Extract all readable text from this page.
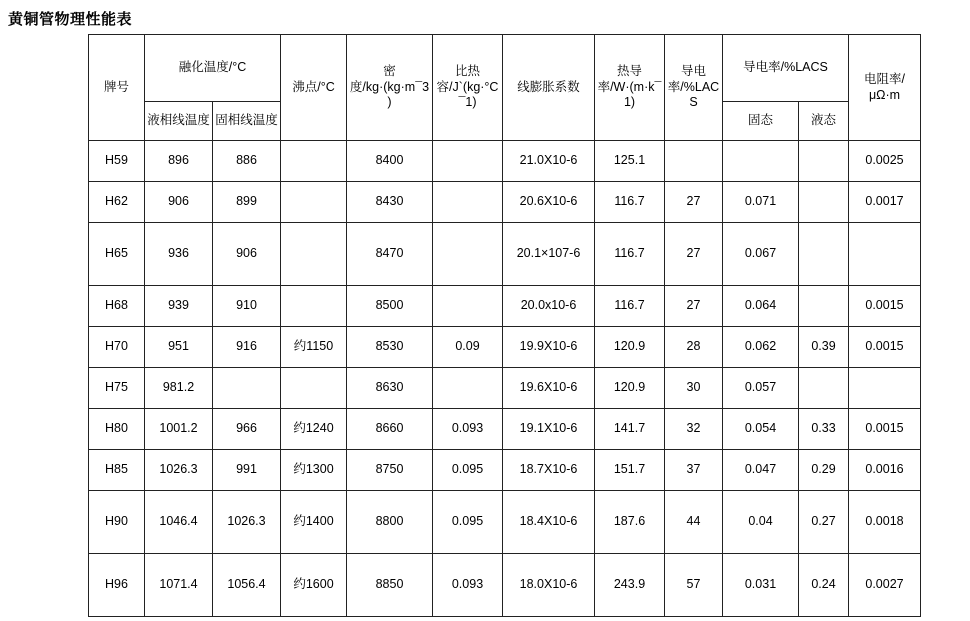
黄铜管物理性能表
牌号	融化温度/°C		沸点/°C	密度/kg·(kg·m¯3)	比热容/J`(kg·°C¯1)	线膨胀系数	热导率/W·(m·k¯1)	导电率/%LACS	导电率/%LACS		电阻率/μΩ·m
	液相线温度	固相线温度							固态	液态	
H59	896	886		8400		21.0X10-6	125.1				0.0025
H62	906	899		8430		20.6X10-6	116.7	27	0.071		0.0017
H65	936	906		8470		20.1×107-6	116.7	27	0.067		
H68	939	910		8500		20.0x10-6	116.7	27	0.064		0.0015
H70	951	916	约1150	8530	0.09	19.9X10-6	120.9	28	0.062	0.39	0.0015
H75	981.2			8630		19.6X10-6	120.9	30	0.057		
H80	1001.2	966	约1240	8660	0.093	19.1X10-6	141.7	32	0.054	0.33	0.0015
H85	1026.3	991	约1300	8750	0.095	18.7X10-6	151.7	37	0.047	0.29	0.0016
H90	1046.4	1026.3	约1400	8800	0.095	18.4X10-6	187.6	44	0.04	0.27	0.0018
H96	1071.4	1056.4	约1600	8850	0.093	18.0X10-6	243.9	57	0.031	0.24	0.0027
